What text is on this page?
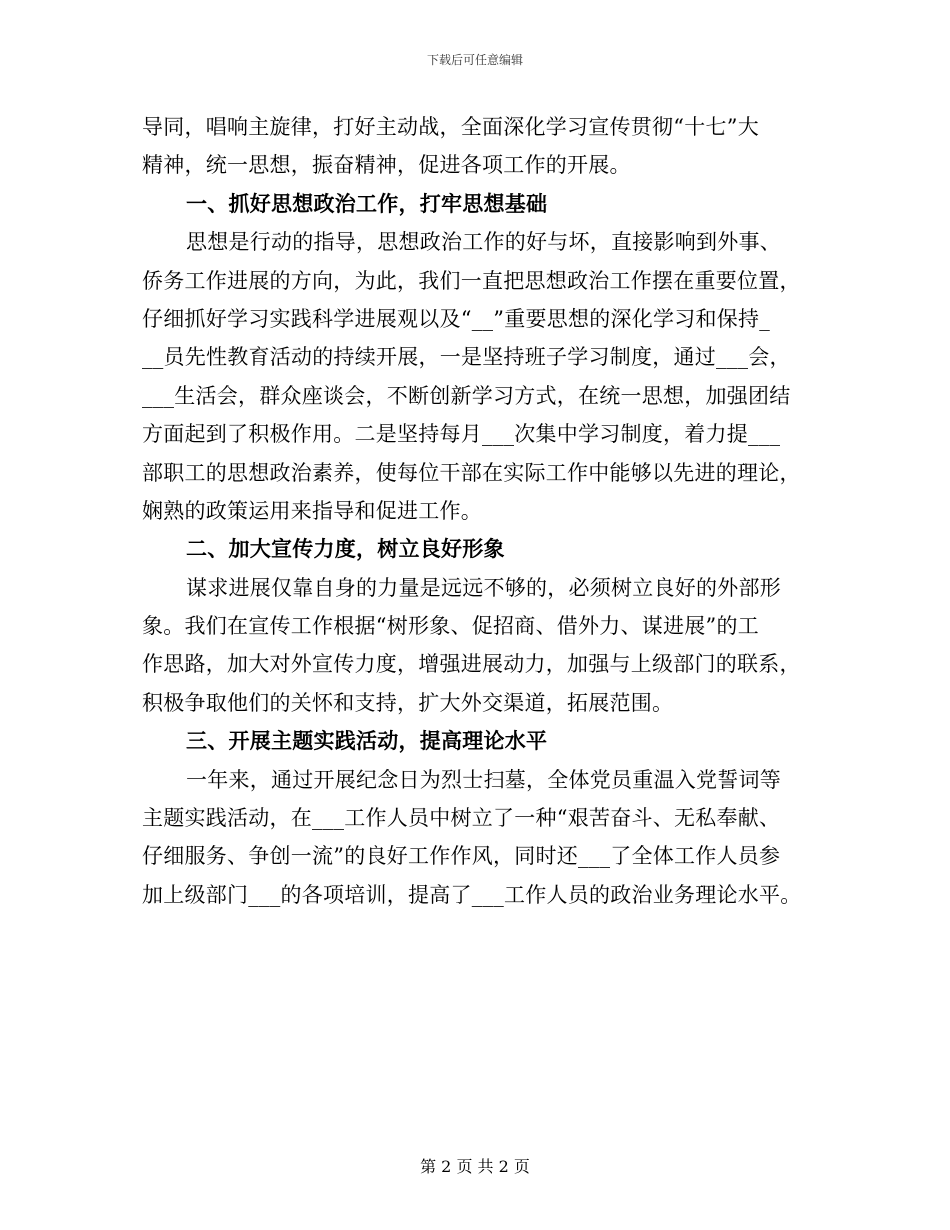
下载后可任意编辑
导同，唱响主旋律，打好主动战，全面深化学习宣传贯彻“十七”大
精神，统一思想，振奋精神，促进各项工作的开展。
一、抓好思想政治工作，打牢思想基础
思想是行动的指导，思想政治工作的好与坏，直接影响到外事、
侨务工作进展的方向，为此，我们一直把思想政治工作摆在重要位置，
仔细抓好学习实践科学进展观以及“__”重要思想的深化学习和保持_
__员先性教育活动的持续开展，一是坚持班子学习制度，通过___会，
___生活会，群众座谈会，不断创新学习方式，在统一思想，加强团结
方面起到了积极作用。二是坚持每月___次集中学习制度，着力提___
部职工的思想政治素养，使每位干部在实际工作中能够以先进的理论，
娴熟的政策运用来指导和促进工作。
二、加大宣传力度，树立良好形象
谋求进展仅靠自身的力量是远远不够的，必须树立良好的外部形
象。我们在宣传工作根据“树形象、促招商、借外力、谋进展”的工
作思路，加大对外宣传力度，增强进展动力，加强与上级部门的联系，
积极争取他们的关怀和支持，扩大外交渠道，拓展范围。
三、开展主题实践活动，提高理论水平
一年来，通过开展纪念日为烈士扫墓，全体党员重温入党誓词等
主题实践活动，在___工作人员中树立了一种“艰苦奋斗、无私奉献、
仔细服务、争创一流”的良好工作作风，同时还___了全体工作人员参
加上级部门___的各项培训，提高了___工作人员的政治业务理论水平。
第 2 页 共 2 页
